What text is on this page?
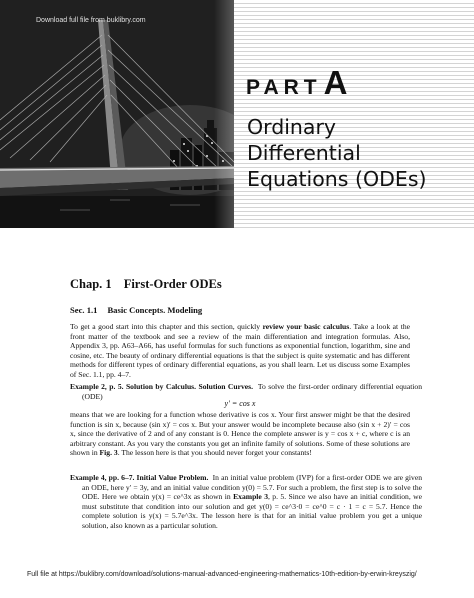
Download full file from buklibry.com
PARTA
Ordinary
Differential
Equations (ODEs)
Chap. 1 First-Order ODEs
Sec. 1.1 Basic Concepts. Modeling
To get a good start into this chapter and this section, quickly review your basic calculus. Take a look at the front matter of the textbook and see a review of the main differentiation and integration formulas. Also, Appendix 3, pp. A63–A66, has useful formulas for such functions as exponential function, logarithm, sine and cosine, etc. The beauty of ordinary differential equations is that the subject is quite systematic and has different methods for different types of ordinary differential equations, as you shall learn. Let us discuss some Examples of Sec. 1.1, pp. 4–7.
Example 2, p. 5. Solution by Calculus. Solution Curves. To solve the first-order ordinary differential equation (ODE)
y′ = cos x
means that we are looking for a function whose derivative is cos x. Your first answer might be that the desired function is sin x, because (sin x)′ = cos x. But your answer would be incomplete because also (sin x + 2)′ = cos x, since the derivative of 2 and of any constant is 0. Hence the complete answer is y = cos x + c, where c is an arbitrary constant. As you vary the constants you get an infinite family of solutions. Some of these solutions are shown in Fig. 3. The lesson here is that you should never forget your constants!
Example 4, pp. 6–7. Initial Value Problem. In an initial value problem (IVP) for a first-order ODE we are given an ODE, here y′ = 3y, and an initial value condition y(0) = 5.7. For such a problem, the first step is to solve the ODE. Here we obtain y(x) = ce^3x as shown in Example 3, p. 5. Since we also have an initial condition, we must substitute that condition into our solution and get y(0) = ce^3·0 = ce^0 = c · 1 = c = 5.7. Hence the complete solution is y(x) = 5.7e^3x. The lesson here is that for an initial value problem you get a unique solution, also known as a particular solution.
Full file at https://buklibry.com/download/solutions-manual-advanced-engineering-mathematics-10th-edition-by-erwin-kreyszig/
